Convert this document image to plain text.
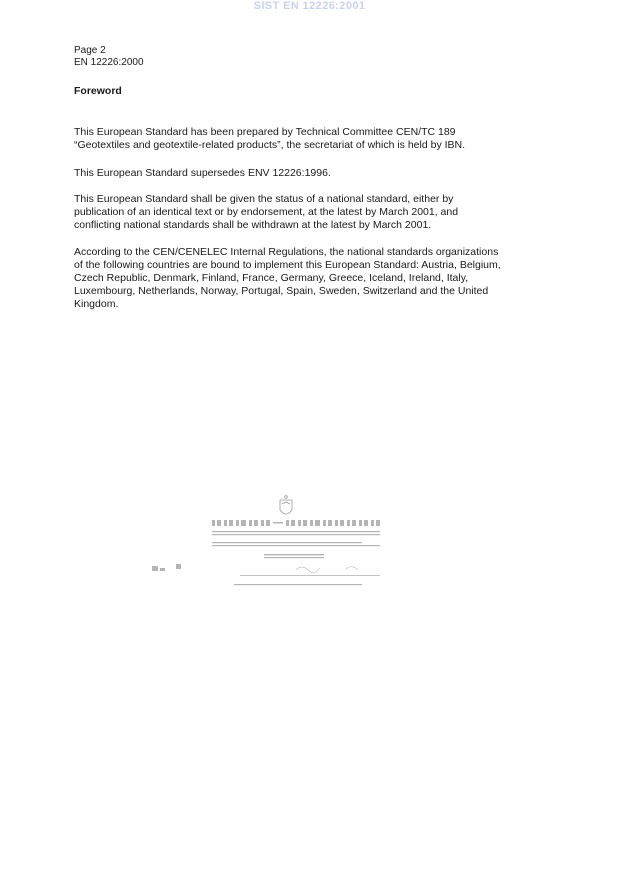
SIST EN 12226:2001
Page 2
EN 12226:2000
Foreword
This European Standard has been prepared by Technical Committee CEN/TC 189
“Geotextiles and geotextile-related products”, the secretariat of which is held by IBN.
This European Standard supersedes ENV 12226:1996.
This European Standard shall be given the status of a national standard, either by
publication of an identical text or by endorsement, at the latest by March 2001, and
conflicting national standards shall be withdrawn at the latest by March 2001.
According to the CEN/CENELEC Internal Regulations, the national standards organizations
of the following countries are bound to implement this European Standard: Austria, Belgium,
Czech Republic, Denmark, Finland, France, Germany, Greece, Iceland, Ireland, Italy,
Luxembourg, Netherlands, Norway, Portugal, Spain, Sweden, Switzerland and the United
Kingdom.
